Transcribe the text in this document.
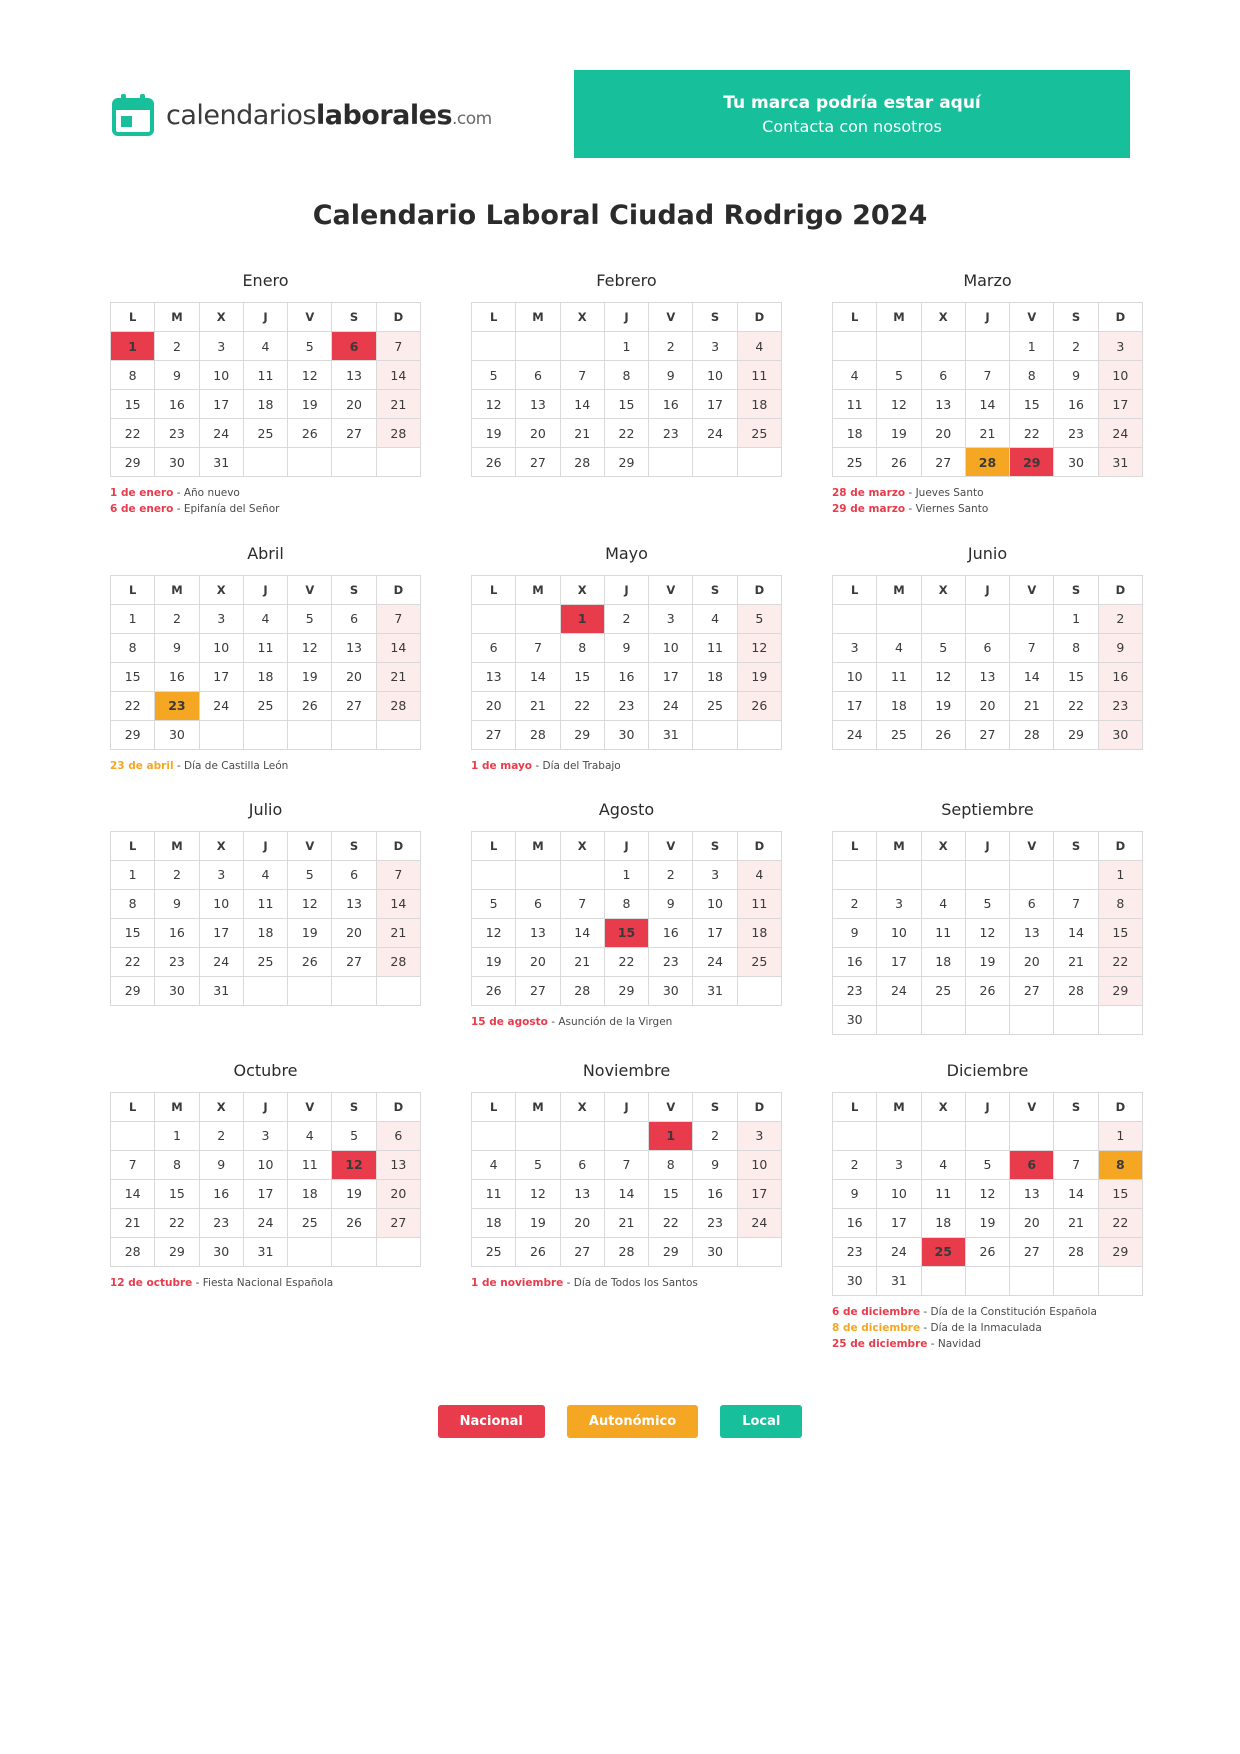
calendarioslaborales.com
Tu marca podría estar aquí
Contacta con nosotros
Calendario Laboral Ciudad Rodrigo 2024
Enero
L	M	X	J	V	S	D
1	2	3	4	5	6	7
8	9	10	11	12	13	14
15	16	17	18	19	20	21
22	23	24	25	26	27	28
29	30	31				
1 de enero - Año nuevo
6 de enero - Epifanía del Señor
Febrero
L	M	X	J	V	S	D
			1	2	3	4
5	6	7	8	9	10	11
12	13	14	15	16	17	18
19	20	21	22	23	24	25
26	27	28	29			
Marzo
L	M	X	J	V	S	D
				1	2	3
4	5	6	7	8	9	10
11	12	13	14	15	16	17
18	19	20	21	22	23	24
25	26	27	28	29	30	31
28 de marzo - Jueves Santo
29 de marzo - Viernes Santo
Abril
L	M	X	J	V	S	D
1	2	3	4	5	6	7
8	9	10	11	12	13	14
15	16	17	18	19	20	21
22	23	24	25	26	27	28
29	30					
23 de abril - Día de Castilla León
Mayo
L	M	X	J	V	S	D
		1	2	3	4	5
6	7	8	9	10	11	12
13	14	15	16	17	18	19
20	21	22	23	24	25	26
27	28	29	30	31		
1 de mayo - Día del Trabajo
Junio
L	M	X	J	V	S	D
					1	2
3	4	5	6	7	8	9
10	11	12	13	14	15	16
17	18	19	20	21	22	23
24	25	26	27	28	29	30
Julio
L	M	X	J	V	S	D
1	2	3	4	5	6	7
8	9	10	11	12	13	14
15	16	17	18	19	20	21
22	23	24	25	26	27	28
29	30	31				
Agosto
L	M	X	J	V	S	D
			1	2	3	4
5	6	7	8	9	10	11
12	13	14	15	16	17	18
19	20	21	22	23	24	25
26	27	28	29	30	31	
15 de agosto - Asunción de la Virgen
Septiembre
L	M	X	J	V	S	D
						1
2	3	4	5	6	7	8
9	10	11	12	13	14	15
16	17	18	19	20	21	22
23	24	25	26	27	28	29
30						
Octubre
L	M	X	J	V	S	D
	1	2	3	4	5	6
7	8	9	10	11	12	13
14	15	16	17	18	19	20
21	22	23	24	25	26	27
28	29	30	31			
12 de octubre - Fiesta Nacional Española
Noviembre
L	M	X	J	V	S	D
				1	2	3
4	5	6	7	8	9	10
11	12	13	14	15	16	17
18	19	20	21	22	23	24
25	26	27	28	29	30	
1 de noviembre - Día de Todos los Santos
Diciembre
L	M	X	J	V	S	D
						1
2	3	4	5	6	7	8
9	10	11	12	13	14	15
16	17	18	19	20	21	22
23	24	25	26	27	28	29
30	31					
6 de diciembre - Día de la Constitución Española
8 de diciembre - Día de la Inmaculada
25 de diciembre - Navidad
Nacional	Autonómico	Local
